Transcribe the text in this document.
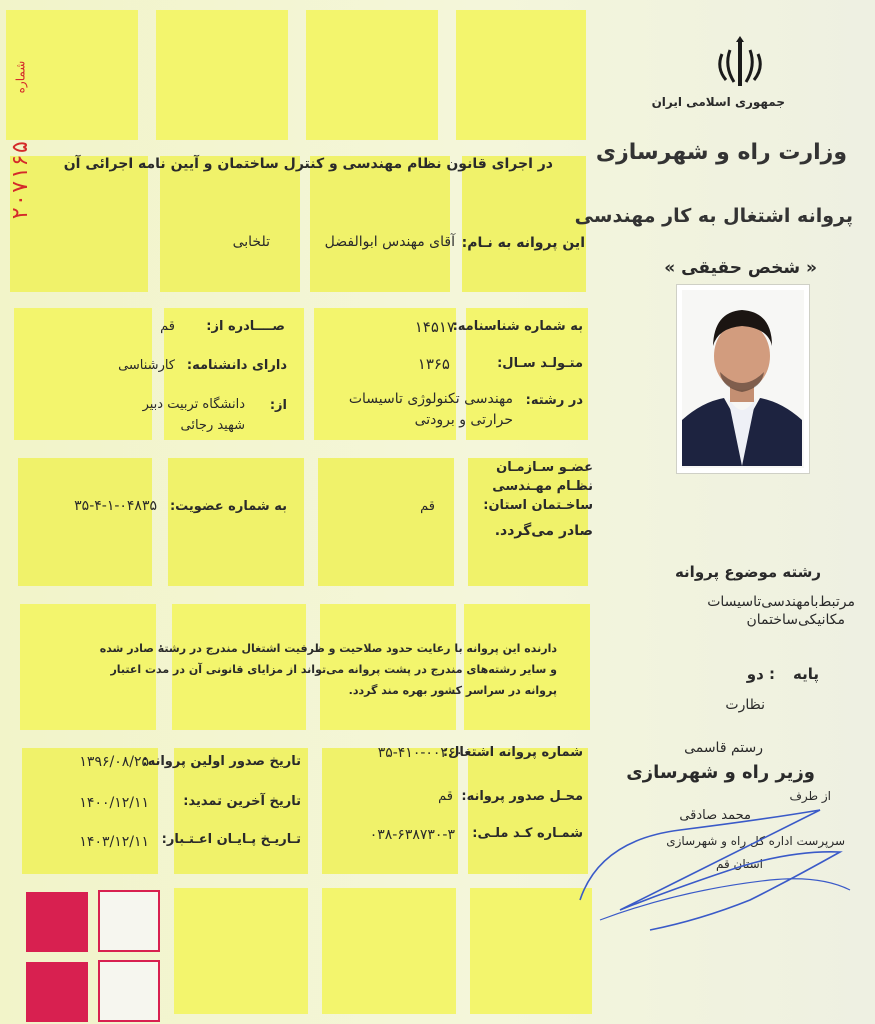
۲۰۷۱۶۵
شماره
جمهوری اسلامی ایران
وزارت راه و شهرسازی
پروانه اشتغال به کار مهندسی
« شخص حقیقی »
در اجرای قانون نظام مهندسی و کنترل ساختمان و آیین نامه اجرائی آن
این پروانه به نـام:
آقای مهندس ابوالفضل
تلخابی
به شماره شناسنامه:
۱۴۵۱۷
صــــادره از:
قم
متـولـد سـال:
۱۳۶۵
دارای دانشنامه:
کارشناسی
در رشته:
مهندسی تکنولوژی تاسیسات
حرارتی و برودتی
از:
دانشگاه تربیت دبیر
شهید رجائی
عضـو سـازمـان
نظـام مهـندسی
ساخـتمان استان:
قم
صادر می‌گردد.
به شماره عضویت:
۳۵-۴-۱-۰۴۸۳۵
دارنده این پروانه با رعایت حدود صلاحیت و ظرفیت اشتغال مندرج در رشتهٔ صادر شده
و سایر رشته‌های مندرج در پشت پروانه می‌تواند از مزایای قانونی آن در مدت اعتبار
پروانه در سراسر کشور بهره مند گردد.
شماره پروانه اشتغال:
۳۵-۴۱۰-۰۰۲۶۰
محـل صدور پروانه:
قم
شمـاره کـد ملـی:
۰۳۸-۶۳۸۷۳۰-۳
تاریخ صدور اولین پروانه:
۱۳۹۶/۰۸/۲۵
تاریخ آخرین تمدید:
۱۴۰۰/۱۲/۱۱
تـاریـخ پـایـان اعـتـبار:
۱۴۰۳/۱۲/۱۱
رشته موضوع پروانه
مرتبط‌بامهندسی‌تاسیسات
مکانیکی‌ساختمان
پایه
: دو
نظارت
رستم قاسمی
وزیر راه و شهرسازی
از طرف
محمد صادقی
سرپرست اداره کل راه و شهرسازی
استان قم
